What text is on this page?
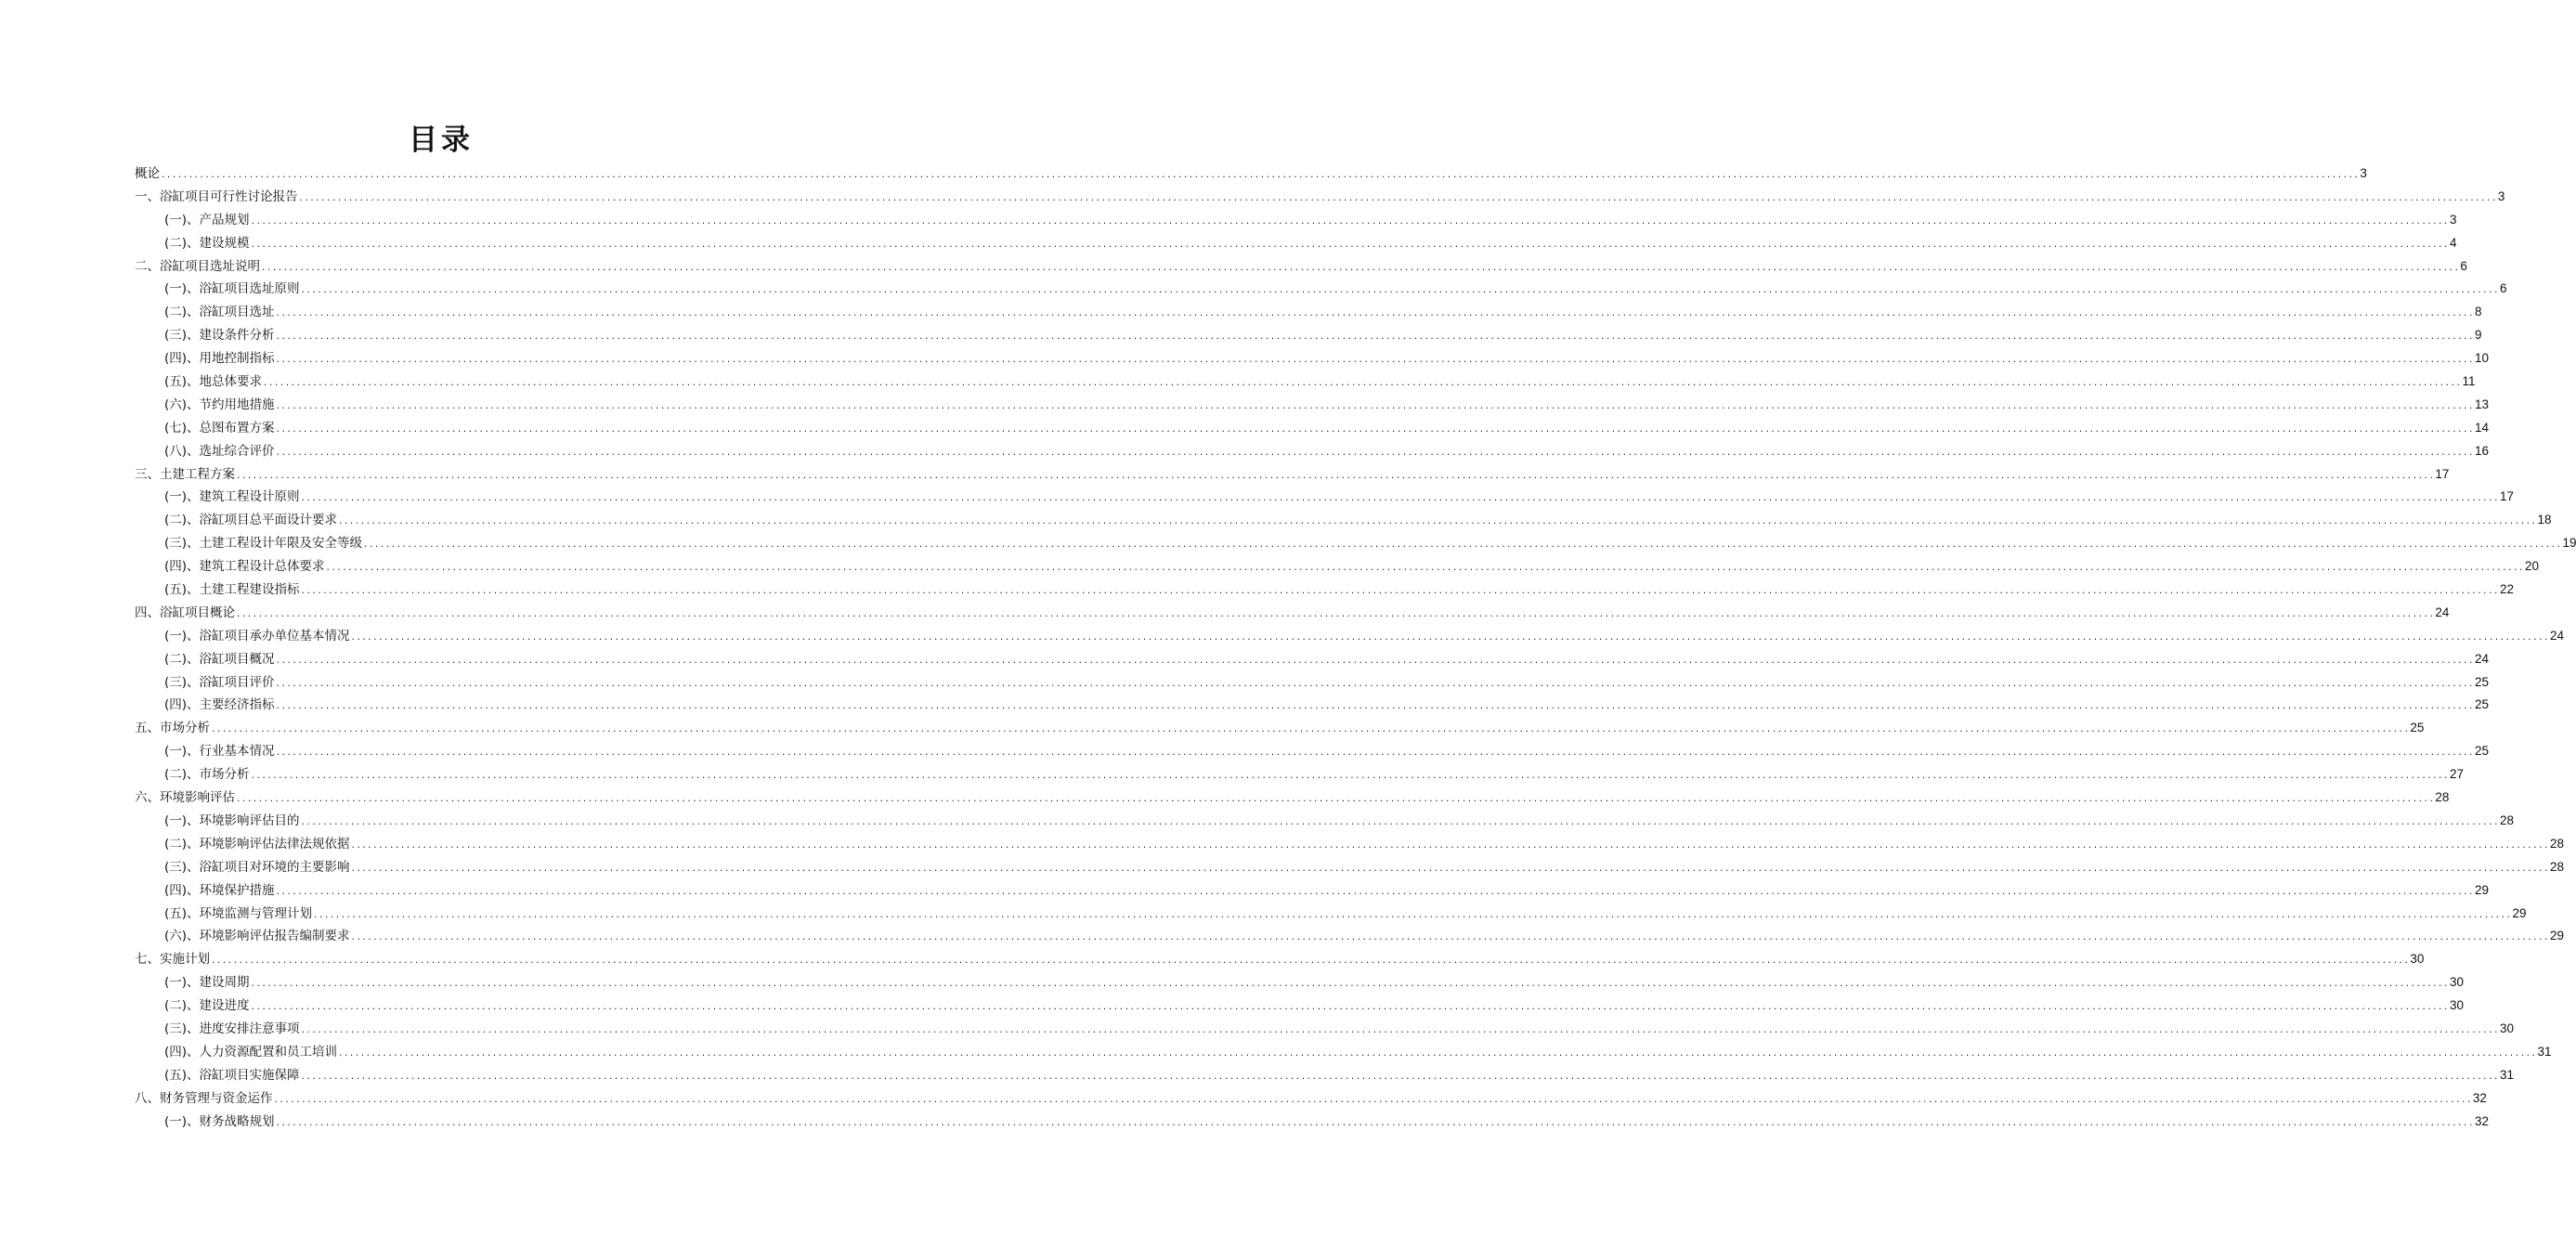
目录
概论 ................................................................................................................................................................................................................................................................................................................................................................................................................ 3
一、浴缸项目可行性讨论报告 ................................................................................................................................................................................................................................................................................................................................................................................................................ 3
(一)、产品规划 ................................................................................................................................................................................................................................................................................................................................................................................................................ 3
(二)、建设规模 ................................................................................................................................................................................................................................................................................................................................................................................................................ 4
二、浴缸项目选址说明 ................................................................................................................................................................................................................................................................................................................................................................................................................ 6
(一)、浴缸项目选址原则 ................................................................................................................................................................................................................................................................................................................................................................................................................ 6
(二)、浴缸项目选址 ................................................................................................................................................................................................................................................................................................................................................................................................................ 8
(三)、建设条件分析 ................................................................................................................................................................................................................................................................................................................................................................................................................ 9
(四)、用地控制指标 ................................................................................................................................................................................................................................................................................................................................................................................................................ 10
(五)、地总体要求 ................................................................................................................................................................................................................................................................................................................................................................................................................ 11
(六)、节约用地措施 ................................................................................................................................................................................................................................................................................................................................................................................................................ 13
(七)、总图布置方案 ................................................................................................................................................................................................................................................................................................................................................................................................................ 14
(八)、选址综合评价 ................................................................................................................................................................................................................................................................................................................................................................................................................ 16
三、土建工程方案 ................................................................................................................................................................................................................................................................................................................................................................................................................ 17
(一)、建筑工程设计原则 ................................................................................................................................................................................................................................................................................................................................................................................................................ 17
(二)、浴缸项目总平面设计要求 ................................................................................................................................................................................................................................................................................................................................................................................................................ 18
(三)、土建工程设计年限及安全等级 ................................................................................................................................................................................................................................................................................................................................................................................................................ 19
(四)、建筑工程设计总体要求 ................................................................................................................................................................................................................................................................................................................................................................................................................ 20
(五)、土建工程建设指标 ................................................................................................................................................................................................................................................................................................................................................................................................................ 22
四、浴缸项目概论 ................................................................................................................................................................................................................................................................................................................................................................................................................ 24
(一)、浴缸项目承办单位基本情况 ................................................................................................................................................................................................................................................................................................................................................................................................................ 24
(二)、浴缸项目概况 ................................................................................................................................................................................................................................................................................................................................................................................................................ 24
(三)、浴缸项目评价 ................................................................................................................................................................................................................................................................................................................................................................................................................ 25
(四)、主要经济指标 ................................................................................................................................................................................................................................................................................................................................................................................................................ 25
五、市场分析 ................................................................................................................................................................................................................................................................................................................................................................................................................ 25
(一)、行业基本情况 ................................................................................................................................................................................................................................................................................................................................................................................................................ 25
(二)、市场分析 ................................................................................................................................................................................................................................................................................................................................................................................................................ 27
六、环境影响评估 ................................................................................................................................................................................................................................................................................................................................................................................................................ 28
(一)、环境影响评估目的 ................................................................................................................................................................................................................................................................................................................................................................................................................ 28
(二)、环境影响评估法律法规依据 ................................................................................................................................................................................................................................................................................................................................................................................................................ 28
(三)、浴缸项目对环境的主要影响 ................................................................................................................................................................................................................................................................................................................................................................................................................ 28
(四)、环境保护措施 ................................................................................................................................................................................................................................................................................................................................................................................................................ 29
(五)、环境监测与管理计划 ................................................................................................................................................................................................................................................................................................................................................................................................................ 29
(六)、环境影响评估报告编制要求 ................................................................................................................................................................................................................................................................................................................................................................................................................ 29
七、实施计划 ................................................................................................................................................................................................................................................................................................................................................................................................................ 30
(一)、建设周期 ................................................................................................................................................................................................................................................................................................................................................................................................................ 30
(二)、建设进度 ................................................................................................................................................................................................................................................................................................................................................................................................................ 30
(三)、进度安排注意事项 ................................................................................................................................................................................................................................................................................................................................................................................................................ 30
(四)、人力资源配置和员工培训 ................................................................................................................................................................................................................................................................................................................................................................................................................ 31
(五)、浴缸项目实施保障 ................................................................................................................................................................................................................................................................................................................................................................................................................ 31
八、财务管理与资金运作 ................................................................................................................................................................................................................................................................................................................................................................................................................ 32
(一)、财务战略规划 ................................................................................................................................................................................................................................................................................................................................................................................................................ 32
